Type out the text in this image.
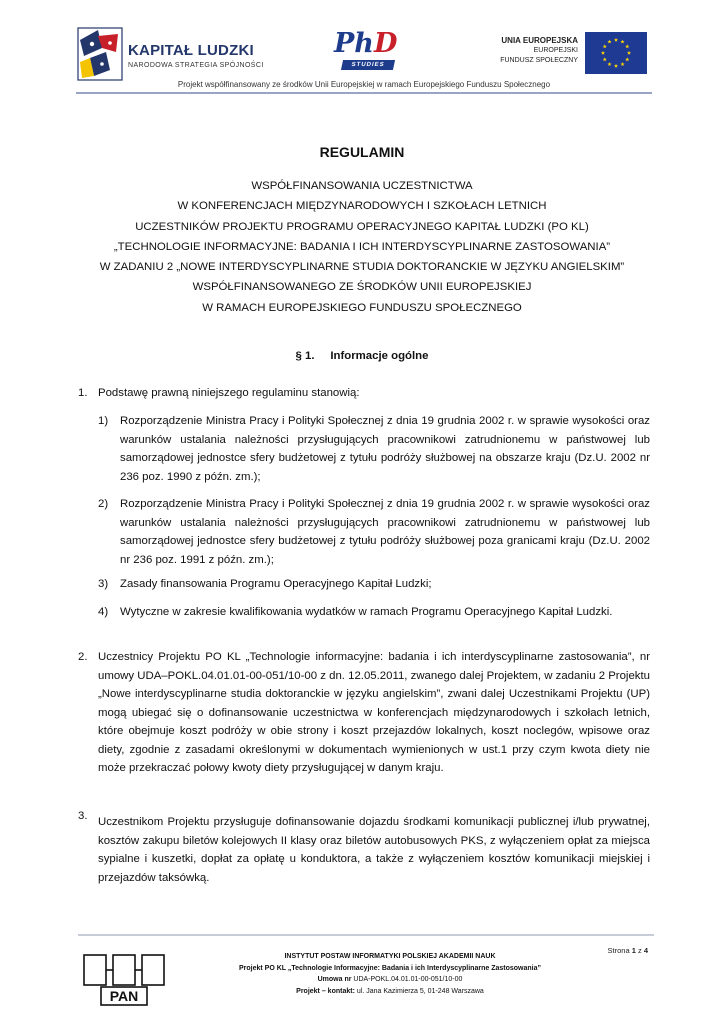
KAPITAŁ LUDZKI
NARODOWA STRATEGIA SPÓJNOŚCI
PhD
STUDIES
UNIA EUROPEJSKA
EUROPEJSKI
FUNDUSZ SPOŁECZNY
Projekt współfinansowany ze środków Unii Europejskiej w ramach Europejskiego Funduszu Społecznego
REGULAMIN
WSPÓŁFINANSOWANIA UCZESTNICTWA
W KONFERENCJACH MIĘDZYNARODOWYCH I SZKOŁACH LETNICH
UCZESTNIKÓW PROJEKTU PROGRAMU OPERACYJNEGO KAPITAŁ LUDZKI (PO KL)
„TECHNOLOGIE INFORMACYJNE: BADANIA I ICH INTERDYSCYPLINARNE ZASTOSOWANIA”
W ZADANIU 2 „NOWE INTERDYSCYPLINARNE STUDIA DOKTORANCKIE W JĘZYKU ANGIELSKIM”
WSPÓŁFINANSOWANEGO ZE ŚRODKÓW UNII EUROPEJSKIEJ
W RAMACH EUROPEJSKIEGO FUNDUSZU SPOŁECZNEGO
§ 1.     Informacje ogólne
1. Podstawę prawną niniejszego regulaminu stanowią:
1) Rozporządzenie Ministra Pracy i Polityki Społecznej z dnia 19 grudnia 2002 r. w sprawie wysokości oraz warunków ustalania należności przysługujących pracownikowi zatrudnionemu w państwowej lub samorządowej jednostce sfery budżetowej z tytułu podróży służbowej na obszarze kraju (Dz.U. 2002 nr 236 poz. 1990 z późn. zm.);
2) Rozporządzenie Ministra Pracy i Polityki Społecznej z dnia 19 grudnia 2002 r. w sprawie wysokości oraz warunków ustalania należności przysługujących pracownikowi zatrudnionemu w państwowej lub samorządowej jednostce sfery budżetowej z tytułu podróży służbowej poza granicami kraju (Dz.U. 2002 nr 236 poz. 1991 z późn. zm.);
3) Zasady finansowania Programu Operacyjnego Kapitał Ludzki;
4) Wytyczne w zakresie kwalifikowania wydatków w ramach Programu Operacyjnego Kapitał Ludzki.
2. Uczestnicy Projektu PO KL „Technologie informacyjne: badania i ich interdyscyplinarne zastosowania”, nr umowy UDA–POKL.04.01.01-00-051/10-00 z dn. 12.05.2011, zwanego dalej Projektem, w zadaniu 2 Projektu „Nowe interdyscyplinarne studia doktoranckie w języku angielskim”, zwani dalej Uczestnikami Projektu (UP) mogą ubiegać się o dofinansowanie uczestnictwa w konferencjach międzynarodowych i szkołach letnich, które obejmuje koszt podróży w obie strony i koszt przejazdów lokalnych, koszt noclegów, wpisowe oraz diety, zgodnie z zasadami określonymi w dokumentach wymienionych w ust.1 przy czym kwota diety nie może przekraczać połowy kwoty diety przysługującej w danym kraju.
3. Uczestnikom Projektu przysługuje dofinansowanie dojazdu środkami komunikacji publicznej i/lub prywatnej, kosztów zakupu biletów kolejowych II klasy oraz biletów autobusowych PKS, z wyłączeniem opłat za miejsca sypialne i kuszetki, dopłat za opłatę u konduktora, a także z wyłączeniem kosztów komunikacji miejskiej i przejazdów taksówką.
Strona 1 z 4
PAN
INSTYTUT POSTAW INFORMATYKI POLSKIEJ AKADEMII NAUK
Projekt PO KL „Technologie Informacyjne: Badania i ich Interdyscyplinarne Zastosowania”
Umowa nr UDA-POKL.04.01.01-00-051/10-00
Projekt – kontakt: ul. Jana Kazimierza 5, 01-248 Warszawa
